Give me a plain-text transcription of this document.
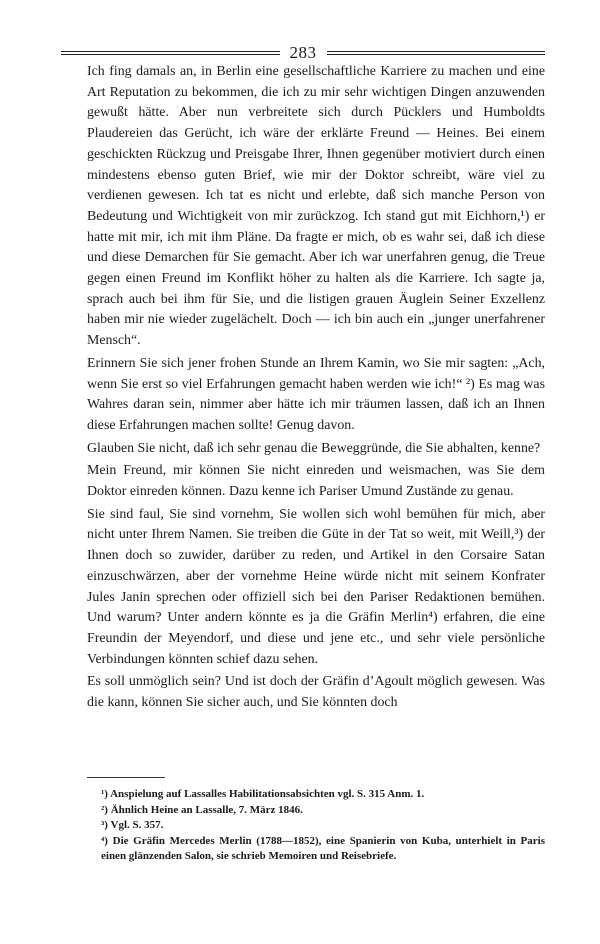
283

Ich fing damals an, in Berlin eine gesellschaftliche Karriere zu machen und eine Art Reputation zu bekommen, die ich zu mir sehr wichtigen Dingen anzuwenden gewußt hätte. Aber nun verbreitete sich durch Pücklers und Humboldts Plaudereien das Gerücht, ich wäre der erklärte Freund — Heines. Bei einem geschickten Rückzug und Preisgabe Ihrer, Ihnen gegenüber motiviert durch einen mindestens ebenso guten Brief, wie mir der Doktor schreibt, wäre viel zu verdienen gewesen. Ich tat es nicht und erlebte, daß sich manche Person von Bedeutung und Wichtigkeit von mir zurückzog. Ich stand gut mit Eichhorn,¹) er hatte mit mir, ich mit ihm Pläne. Da fragte er mich, ob es wahr sei, daß ich diese und diese Demarchen für Sie gemacht. Aber ich war unerfahren genug, die Treue gegen einen Freund im Konflikt höher zu halten als die Karriere. Ich sagte ja, sprach auch bei ihm für Sie, und die listigen grauen Äuglein Seiner Exzellenz haben mir nie wieder zugelächelt. Doch — ich bin auch ein „junger unerfahrener Mensch“.

Erinnern Sie sich jener frohen Stunde an Ihrem Kamin, wo Sie mir sagten: „Ach, wenn Sie erst so viel Erfahrungen gemacht haben werden wie ich!“ ²) Es mag was Wahres daran sein, nimmer aber hätte ich mir träumen lassen, daß ich an Ihnen diese Erfahrungen machen sollte! Genug davon.

Glauben Sie nicht, daß ich sehr genau die Beweggründe, die Sie abhalten, kenne?

Mein Freund, mir können Sie nicht einreden und weismachen, was Sie dem Doktor einreden können. Dazu kenne ich Pariser Umund Zustände zu genau.

Sie sind faul, Sie sind vornehm, Sie wollen sich wohl bemühen für mich, aber nicht unter Ihrem Namen. Sie treiben die Güte in der Tat so weit, mit Weill,³) der Ihnen doch so zuwider, darüber zu reden, und Artikel in den Corsaire Satan einzuschwärzen, aber der vornehme Heine würde nicht mit seinem Konfrater Jules Janin sprechen oder offiziell sich bei den Pariser Redaktionen bemühen. Und warum? Unter andern könnte es ja die Gräfin Merlin⁴) erfahren, die eine Freundin der Meyendorf, und diese und jene etc., und sehr viele persönliche Verbindungen könnten schief dazu sehen.

Es soll unmöglich sein? Und ist doch der Gräfin d’Agoult möglich gewesen. Was die kann, können Sie sicher auch, und Sie könnten doch

¹) Anspielung auf Lassalles Habilitationsabsichten vgl. S. 315 Anm. 1.

²) Ähnlich Heine an Lassalle, 7. März 1846.

³) Vgl. S. 357.

⁴) Die Gräfin Mercedes Merlin (1788—1852), eine Spanierin von Kuba, unterhielt in Paris einen glänzenden Salon, sie schrieb Memoiren und Reisebriefe.
